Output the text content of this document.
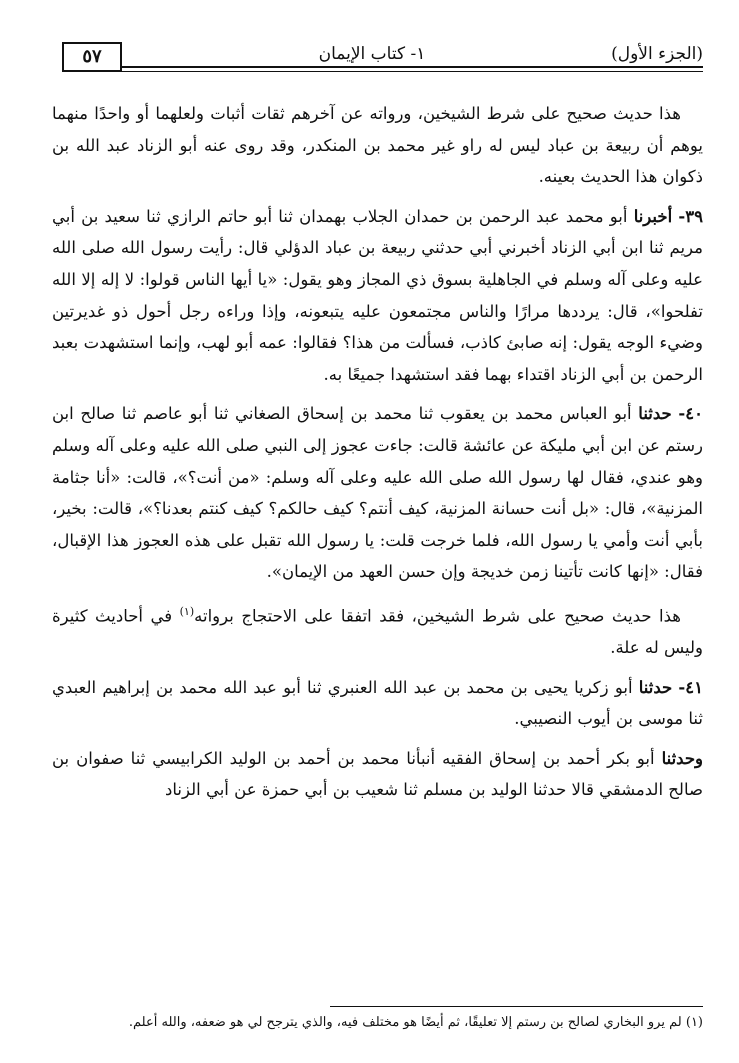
٥٧	١- كتاب الإيمان	(الجزء الأول)

هذا حديث صحيح على شرط الشيخين، ورواته عن آخرهم ثقات أثبات ولعلهما أو واحدًا منهما يوهم أن ربيعة بن عباد ليس له راو غير محمد بن المنكدر، وقد روى عنه أبو الزناد عبد الله بن ذكوان هذا الحديث بعينه.

٣٩- أخبرنا أبو محمد عبد الرحمن بن حمدان الجلاب بهمدان ثنا أبو حاتم الرازي ثنا سعيد بن أبي مريم ثنا ابن أبي الزناد أخبرني أبي حدثني ربيعة بن عباد الدؤلي قال: رأيت رسول الله صلى الله عليه وعلى آله وسلم في الجاهلية بسوق ذي المجاز وهو يقول: «يا أيها الناس قولوا: لا إله إلا الله تفلحوا»، قال: يرددها مرارًا والناس مجتمعون عليه يتبعونه، وإذا وراءه رجل أحول ذو غديرتين وضيء الوجه يقول: إنه صابئ كاذب، فسألت من هذا؟ فقالوا: عمه أبو لهب، وإنما استشهدت بعبد الرحمن بن أبي الزناد اقتداء بهما فقد استشهدا جميعًا به.

٤٠- حدثنا أبو العباس محمد بن يعقوب ثنا محمد بن إسحاق الصغاني ثنا أبو عاصم ثنا صالح ابن رستم عن ابن أبي مليكة عن عائشة قالت: جاءت عجوز إلى النبي صلى الله عليه وعلى آله وسلم وهو عندي، فقال لها رسول الله صلى الله عليه وعلى آله وسلم: «من أنت؟»، قالت: «أنا جثامة المزنية»، قال: «بل أنت حسانة المزنية، كيف أنتم؟ كيف حالكم؟ كيف كنتم بعدنا؟»، قالت: بخير، بأبي أنت وأمي يا رسول الله، فلما خرجت قلت: يا رسول الله تقبل على هذه العجوز هذا الإقبال، فقال: «إنها كانت تأتينا زمن خديجة وإن حسن العهد من الإيمان».

هذا حديث صحيح على شرط الشيخين، فقد اتفقا على الاحتجاج برواته$^{(١)}$ في أحاديث كثيرة وليس له علة.

٤١- حدثنا أبو زكريا يحيى بن محمد بن عبد الله العنبري ثنا أبو عبد الله محمد بن إبراهيم العبدي ثنا موسى بن أيوب النصيبي.

وحدثنا أبو بكر أحمد بن إسحاق الفقيه أنبأنا محمد بن أحمد بن الوليد الكرابيسي ثنا صفوان بن صالح الدمشقي قالا حدثنا الوليد بن مسلم ثنا شعيب بن أبي حمزة عن أبي الزناد

(١) لم يرو البخاري لصالح بن رستم إلا تعليقًا، ثم أيضًا هو مختلف فيه، والذي يترجح لي هو ضعفه، والله أعلم.
